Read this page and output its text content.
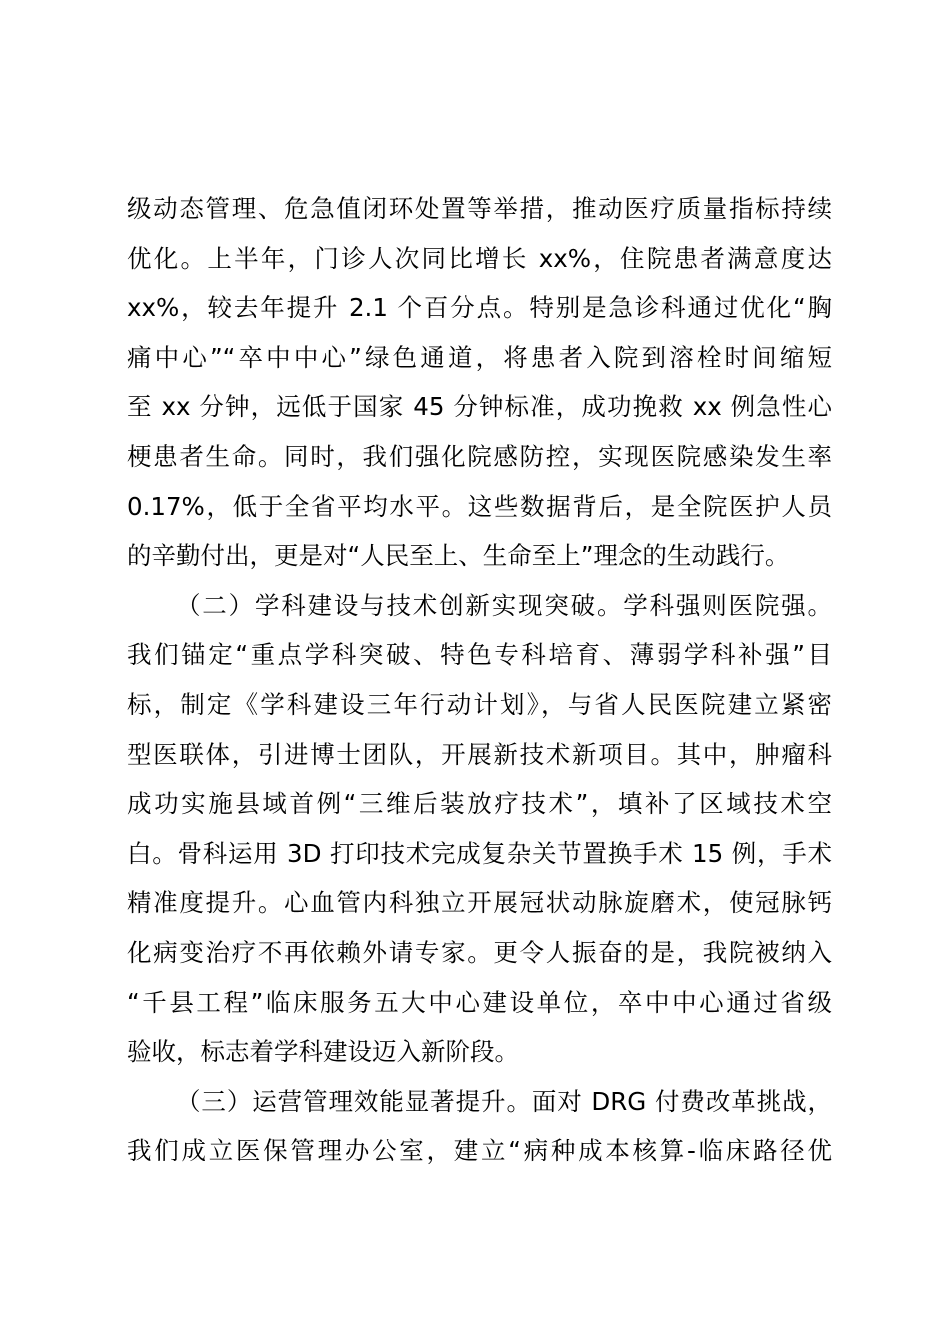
级动态管理、危急值闭环处置等举措，推动医疗质量指标持续
优化。上半年，门诊人次同比增长 xx%，住院患者满意度达
xx%，较去年提升 2.1 个百分点。特别是急诊科通过优化“胸
痛中心”“卒中中心”绿色通道，将患者入院到溶栓时间缩短
至 xx 分钟，远低于国家 45 分钟标准，成功挽救 xx 例急性心
梗患者生命。同时，我们强化院感防控，实现医院感染发生率
0.17%，低于全省平均水平。这些数据背后，是全院医护人员
的辛勤付出，更是对“人民至上、生命至上”理念的生动践行。
（二）学科建设与技术创新实现突破。学科强则医院强。
我们锚定“重点学科突破、特色专科培育、薄弱学科补强”目
标，制定《学科建设三年行动计划》，与省人民医院建立紧密
型医联体，引进博士团队，开展新技术新项目。其中，肿瘤科
成功实施县域首例“三维后装放疗技术”，填补了区域技术空
白。骨科运用 3D 打印技术完成复杂关节置换手术 15 例，手术
精准度提升。心血管内科独立开展冠状动脉旋磨术，使冠脉钙
化病变治疗不再依赖外请专家。更令人振奋的是，我院被纳入
“千县工程”临床服务五大中心建设单位，卒中中心通过省级
验收，标志着学科建设迈入新阶段。
（三）运营管理效能显著提升。面对 DRG 付费改革挑战，
我们成立医保管理办公室，建立“病种成本核算-临床路径优
